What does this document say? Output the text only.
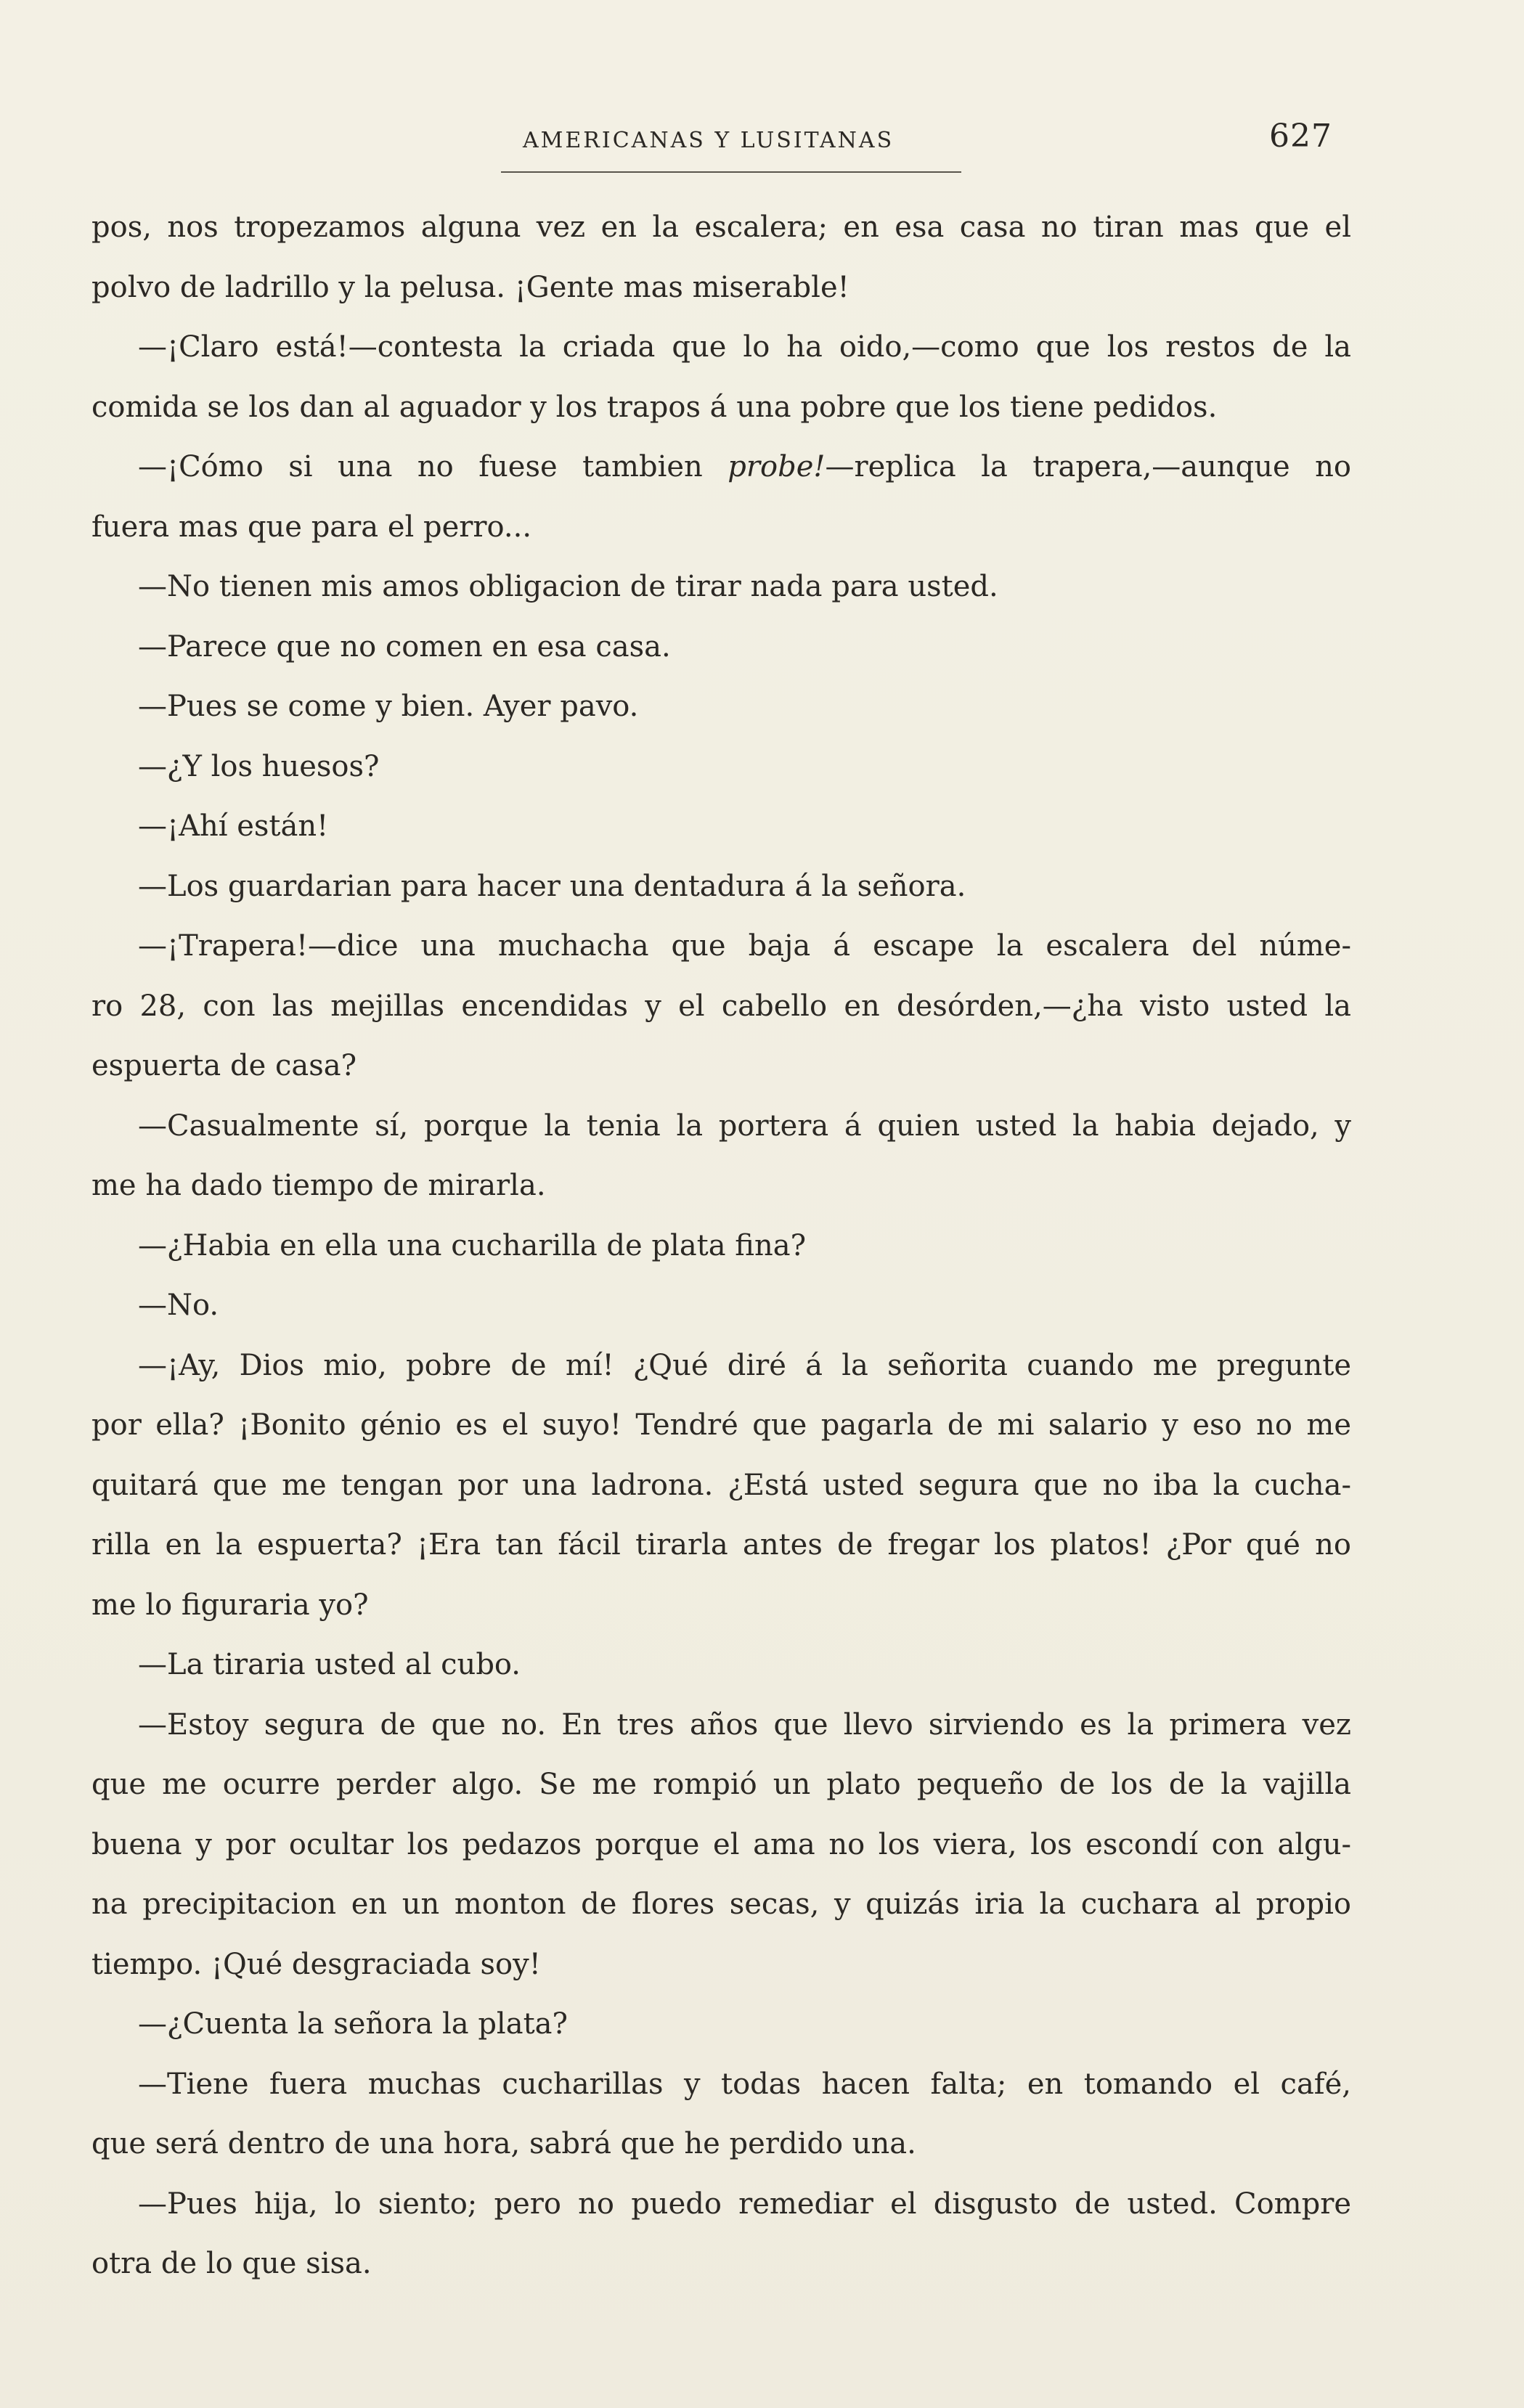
AMERICANAS Y LUSITANAS	627
pos, nos tropezamos alguna vez en la escalera; en esa casa no tiran mas que el
polvo de ladrillo y la pelusa. ¡Gente mas miserable!
—¡Claro está!—contesta la criada que lo ha oido,—como que los restos de la
comida se los dan al aguador y los trapos á una pobre que los tiene pedidos.
—¡Cómo si una no fuese tambien probe!—replica la trapera,—aunque no
fuera mas que para el perro...
—No tienen mis amos obligacion de tirar nada para usted.
—Parece que no comen en esa casa.
—Pues se come y bien. Ayer pavo.
—¿Y los huesos?
—¡Ahí están!
—Los guardarian para hacer una dentadura á la señora.
—¡Trapera!—dice una muchacha que baja á escape la escalera del núme-
ro 28, con las mejillas encendidas y el cabello en desórden,—¿ha visto usted la
espuerta de casa?
—Casualmente sí, porque la tenia la portera á quien usted la habia dejado, y
me ha dado tiempo de mirarla.
—¿Habia en ella una cucharilla de plata fina?
—No.
—¡Ay, Dios mio, pobre de mí! ¿Qué diré á la señorita cuando me pregunte
por ella? ¡Bonito génio es el suyo! Tendré que pagarla de mi salario y eso no me
quitará que me tengan por una ladrona. ¿Está usted segura que no iba la cucha-
rilla en la espuerta? ¡Era tan fácil tirarla antes de fregar los platos! ¿Por qué no
me lo figuraria yo?
—La tiraria usted al cubo.
—Estoy segura de que no. En tres años que llevo sirviendo es la primera vez
que me ocurre perder algo. Se me rompió un plato pequeño de los de la vajilla
buena y por ocultar los pedazos porque el ama no los viera, los escondí con algu-
na precipitacion en un monton de flores secas, y quizás iria la cuchara al propio
tiempo. ¡Qué desgraciada soy!
—¿Cuenta la señora la plata?
—Tiene fuera muchas cucharillas y todas hacen falta; en tomando el café,
que será dentro de una hora, sabrá que he perdido una.
—Pues hija, lo siento; pero no puedo remediar el disgusto de usted. Compre
otra de lo que sisa.
